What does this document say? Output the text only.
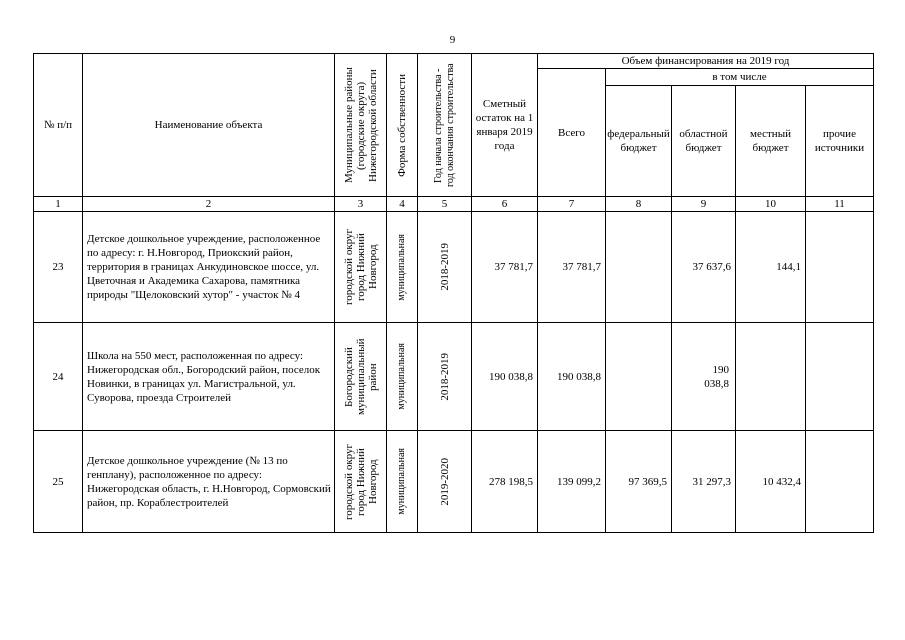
9
№ п/п	Наименование объекта	Муниципальные районы (городские округа) Нижегородской области	Форма собственности	Год начала строительства - год окончания строительства	Сметный остаток на 1 января 2019 года	Объем финансирования на 2019 год				
						Всего	в том числе			
							федеральный бюджет	областной бюджет	местный бюджет	прочие источники
1	2	3	4	5	6	7	8	9	10	11
23	Детское дошкольное учреждение, расположенное по адресу: г. Н.Новгород, Приокский район, территория в границах Анкудиновское шоссе, ул. Цветочная и Академика Сахарова, памятника природы "Щелоковский хутор" - участок № 4	городской округ город Нижний Новгород	муниципальная	2018-2019	37 781,7	37 781,7		37 637,6	144,1	
24	Школа на 550 мест, расположенная по адресу: Нижегородская обл., Богородский район, поселок Новинки, в границах ул. Магистральной, ул. Суворова, проезда Строителей	Богородский муниципальный район	муниципальная	2018-2019	190 038,8	190 038,8		190 038,8		
25	Детское дошкольное учреждение (№ 13 по генплану), расположенное по адресу: Нижегородская область, г. Н.Новгород, Сормовский район, пр. Кораблестроителей	городской округ город Нижний Новгород	муниципальная	2019-2020	278 198,5	139 099,2	97 369,5	31 297,3	10 432,4	
